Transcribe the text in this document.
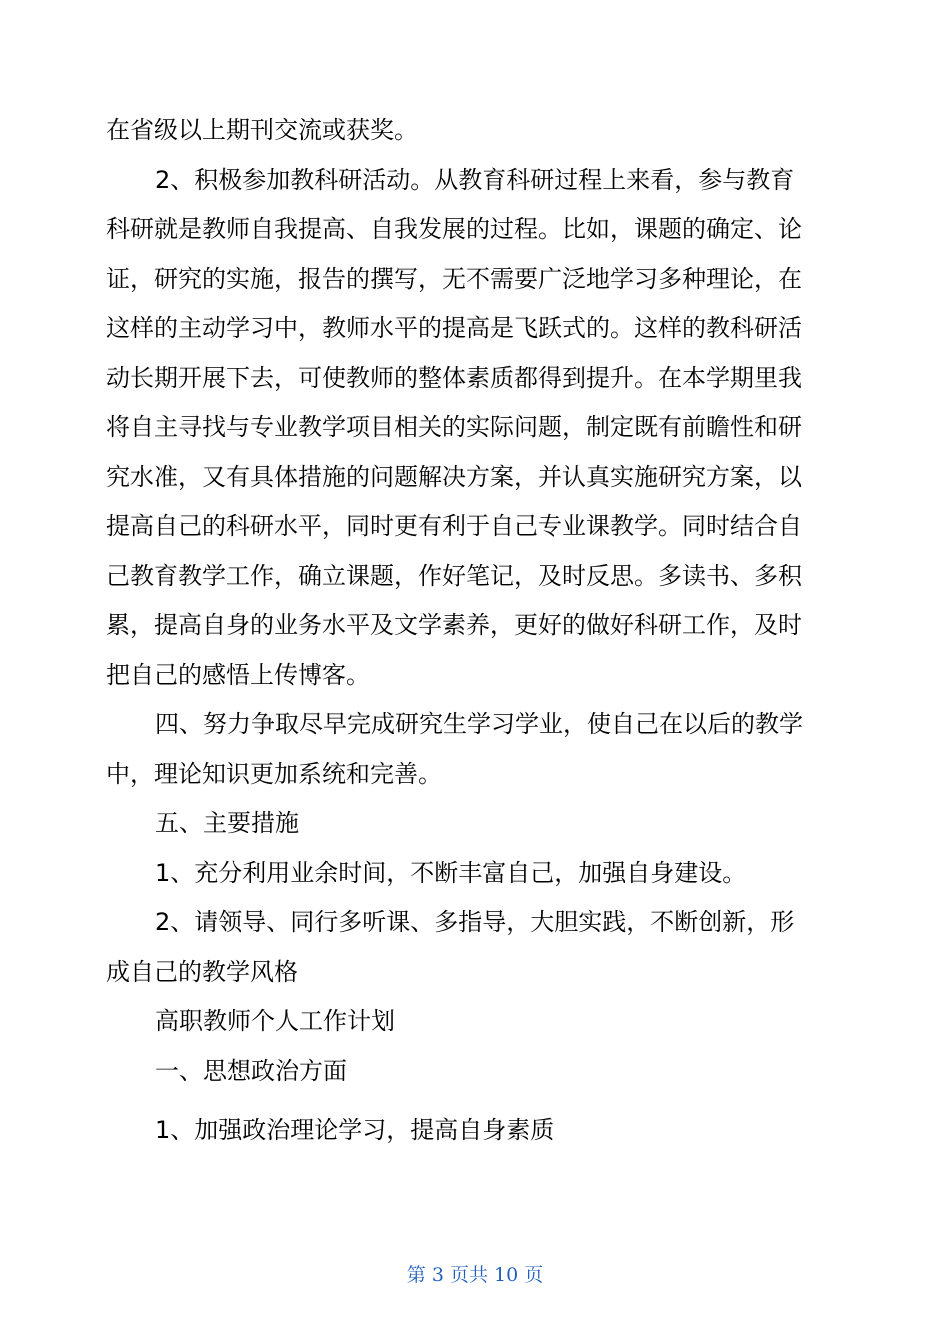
在省级以上期刊交流或获奖。
2、积极参加教科研活动。从教育科研过程上来看，参与教育
科研就是教师自我提高、自我发展的过程。比如，课题的确定、论
证，研究的实施，报告的撰写，无不需要广泛地学习多种理论，在
这样的主动学习中，教师水平的提高是飞跃式的。这样的教科研活
动长期开展下去，可使教师的整体素质都得到提升。在本学期里我
将自主寻找与专业教学项目相关的实际问题，制定既有前瞻性和研
究水准，又有具体措施的问题解决方案，并认真实施研究方案，以
提高自己的科研水平，同时更有利于自己专业课教学。同时结合自
己教育教学工作，确立课题，作好笔记，及时反思。多读书、多积
累，提高自身的业务水平及文学素养，更好的做好科研工作，及时
把自己的感悟上传博客。
四、努力争取尽早完成研究生学习学业，使自己在以后的教学
中，理论知识更加系统和完善。
五、主要措施
1、充分利用业余时间，不断丰富自己，加强自身建设。
2、请领导、同行多听课、多指导，大胆实践，不断创新，形
成自己的教学风格
高职教师个人工作计划
一、思想政治方面
1、加强政治理论学习，提高自身素质
第 3 页共 10 页
